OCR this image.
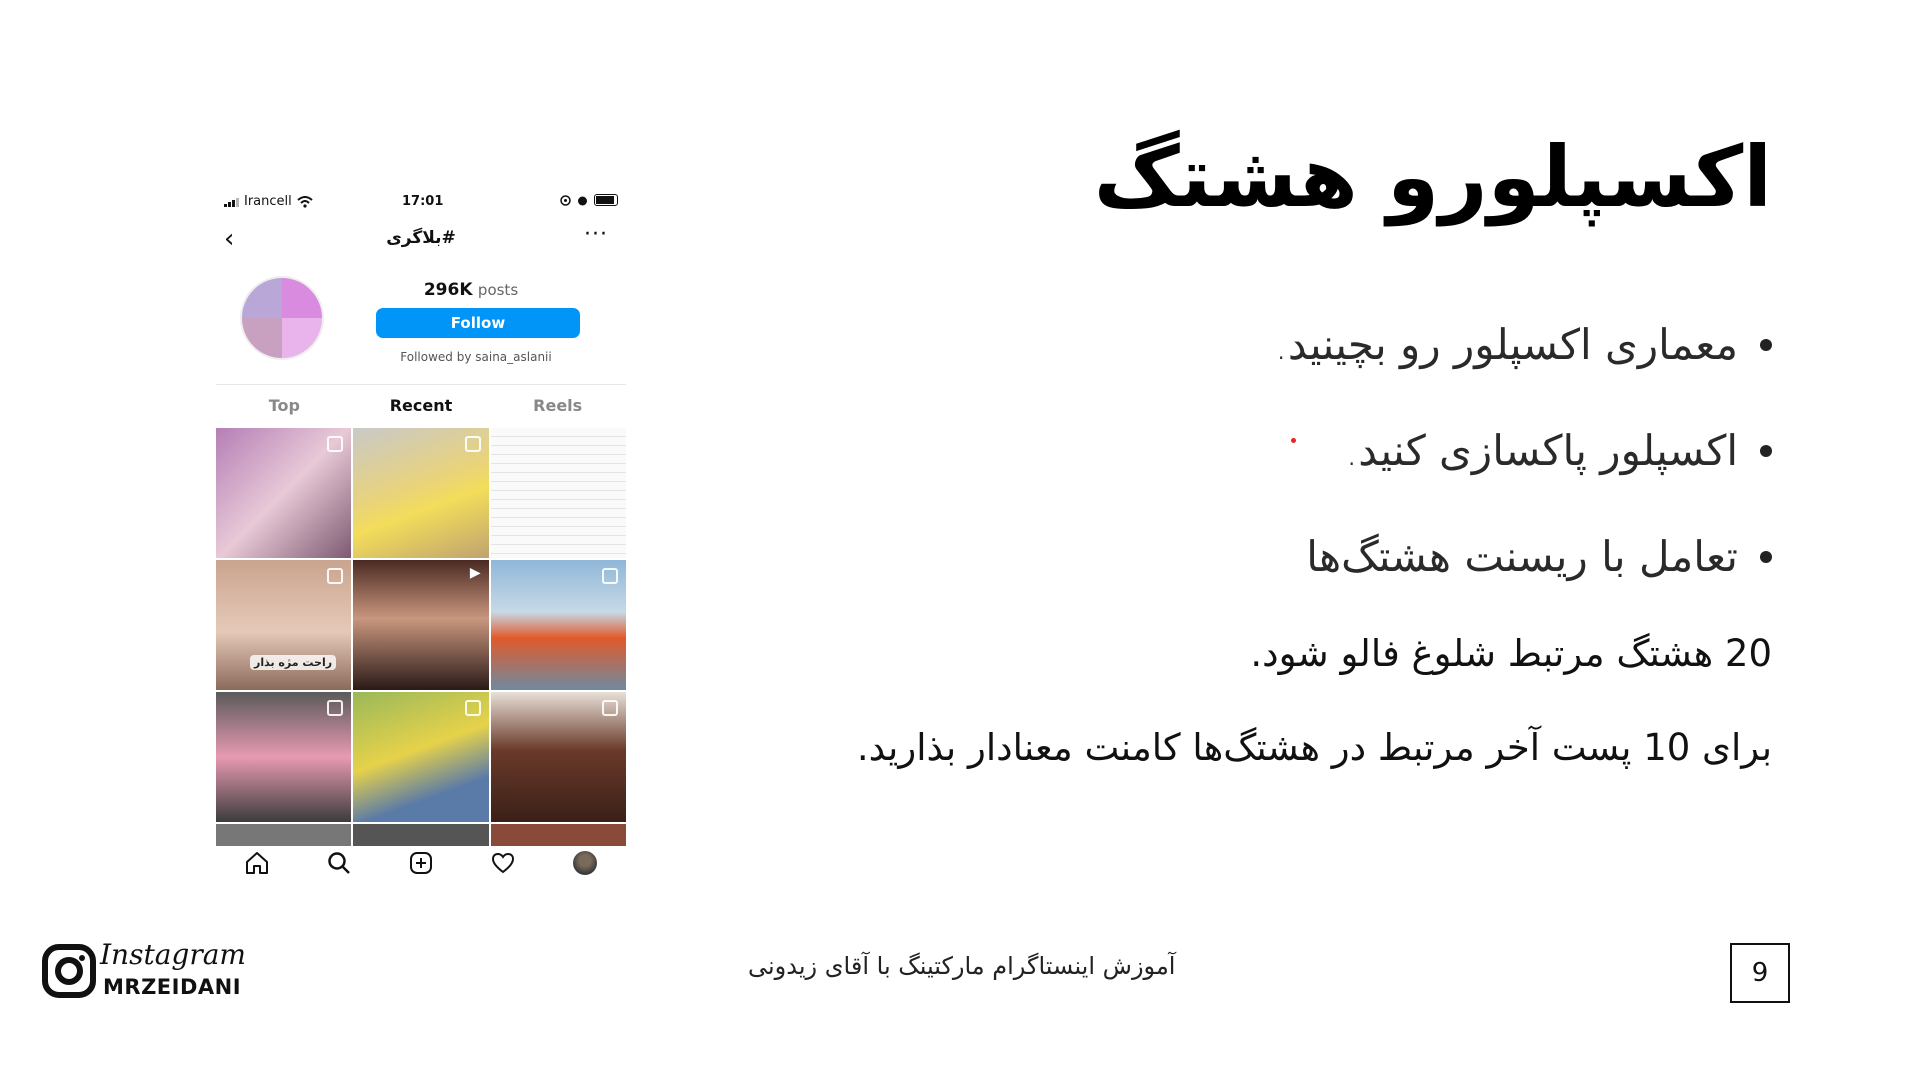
اکسپلورو هشتگ
معماری اکسپلور رو بچینید.
اکسپلور پاکسازی کنید.
تعامل با ریسنت هشتگ‌ها
20 هشتگ مرتبط شلوغ فالو شود.
برای 10 پست آخر مرتبط در هشتگ‌ها کامنت معنادار بذارید.
Irancell	17:01
‹	#بلاگری	···
296K posts
Follow
Followed by saina_aslanii
Top	Recent	Reels
راحت مژه بذار
▶
Instagram
MRZEIDANI
آموزش اینستاگرام مارکتینگ با آقای زیدونی	9
